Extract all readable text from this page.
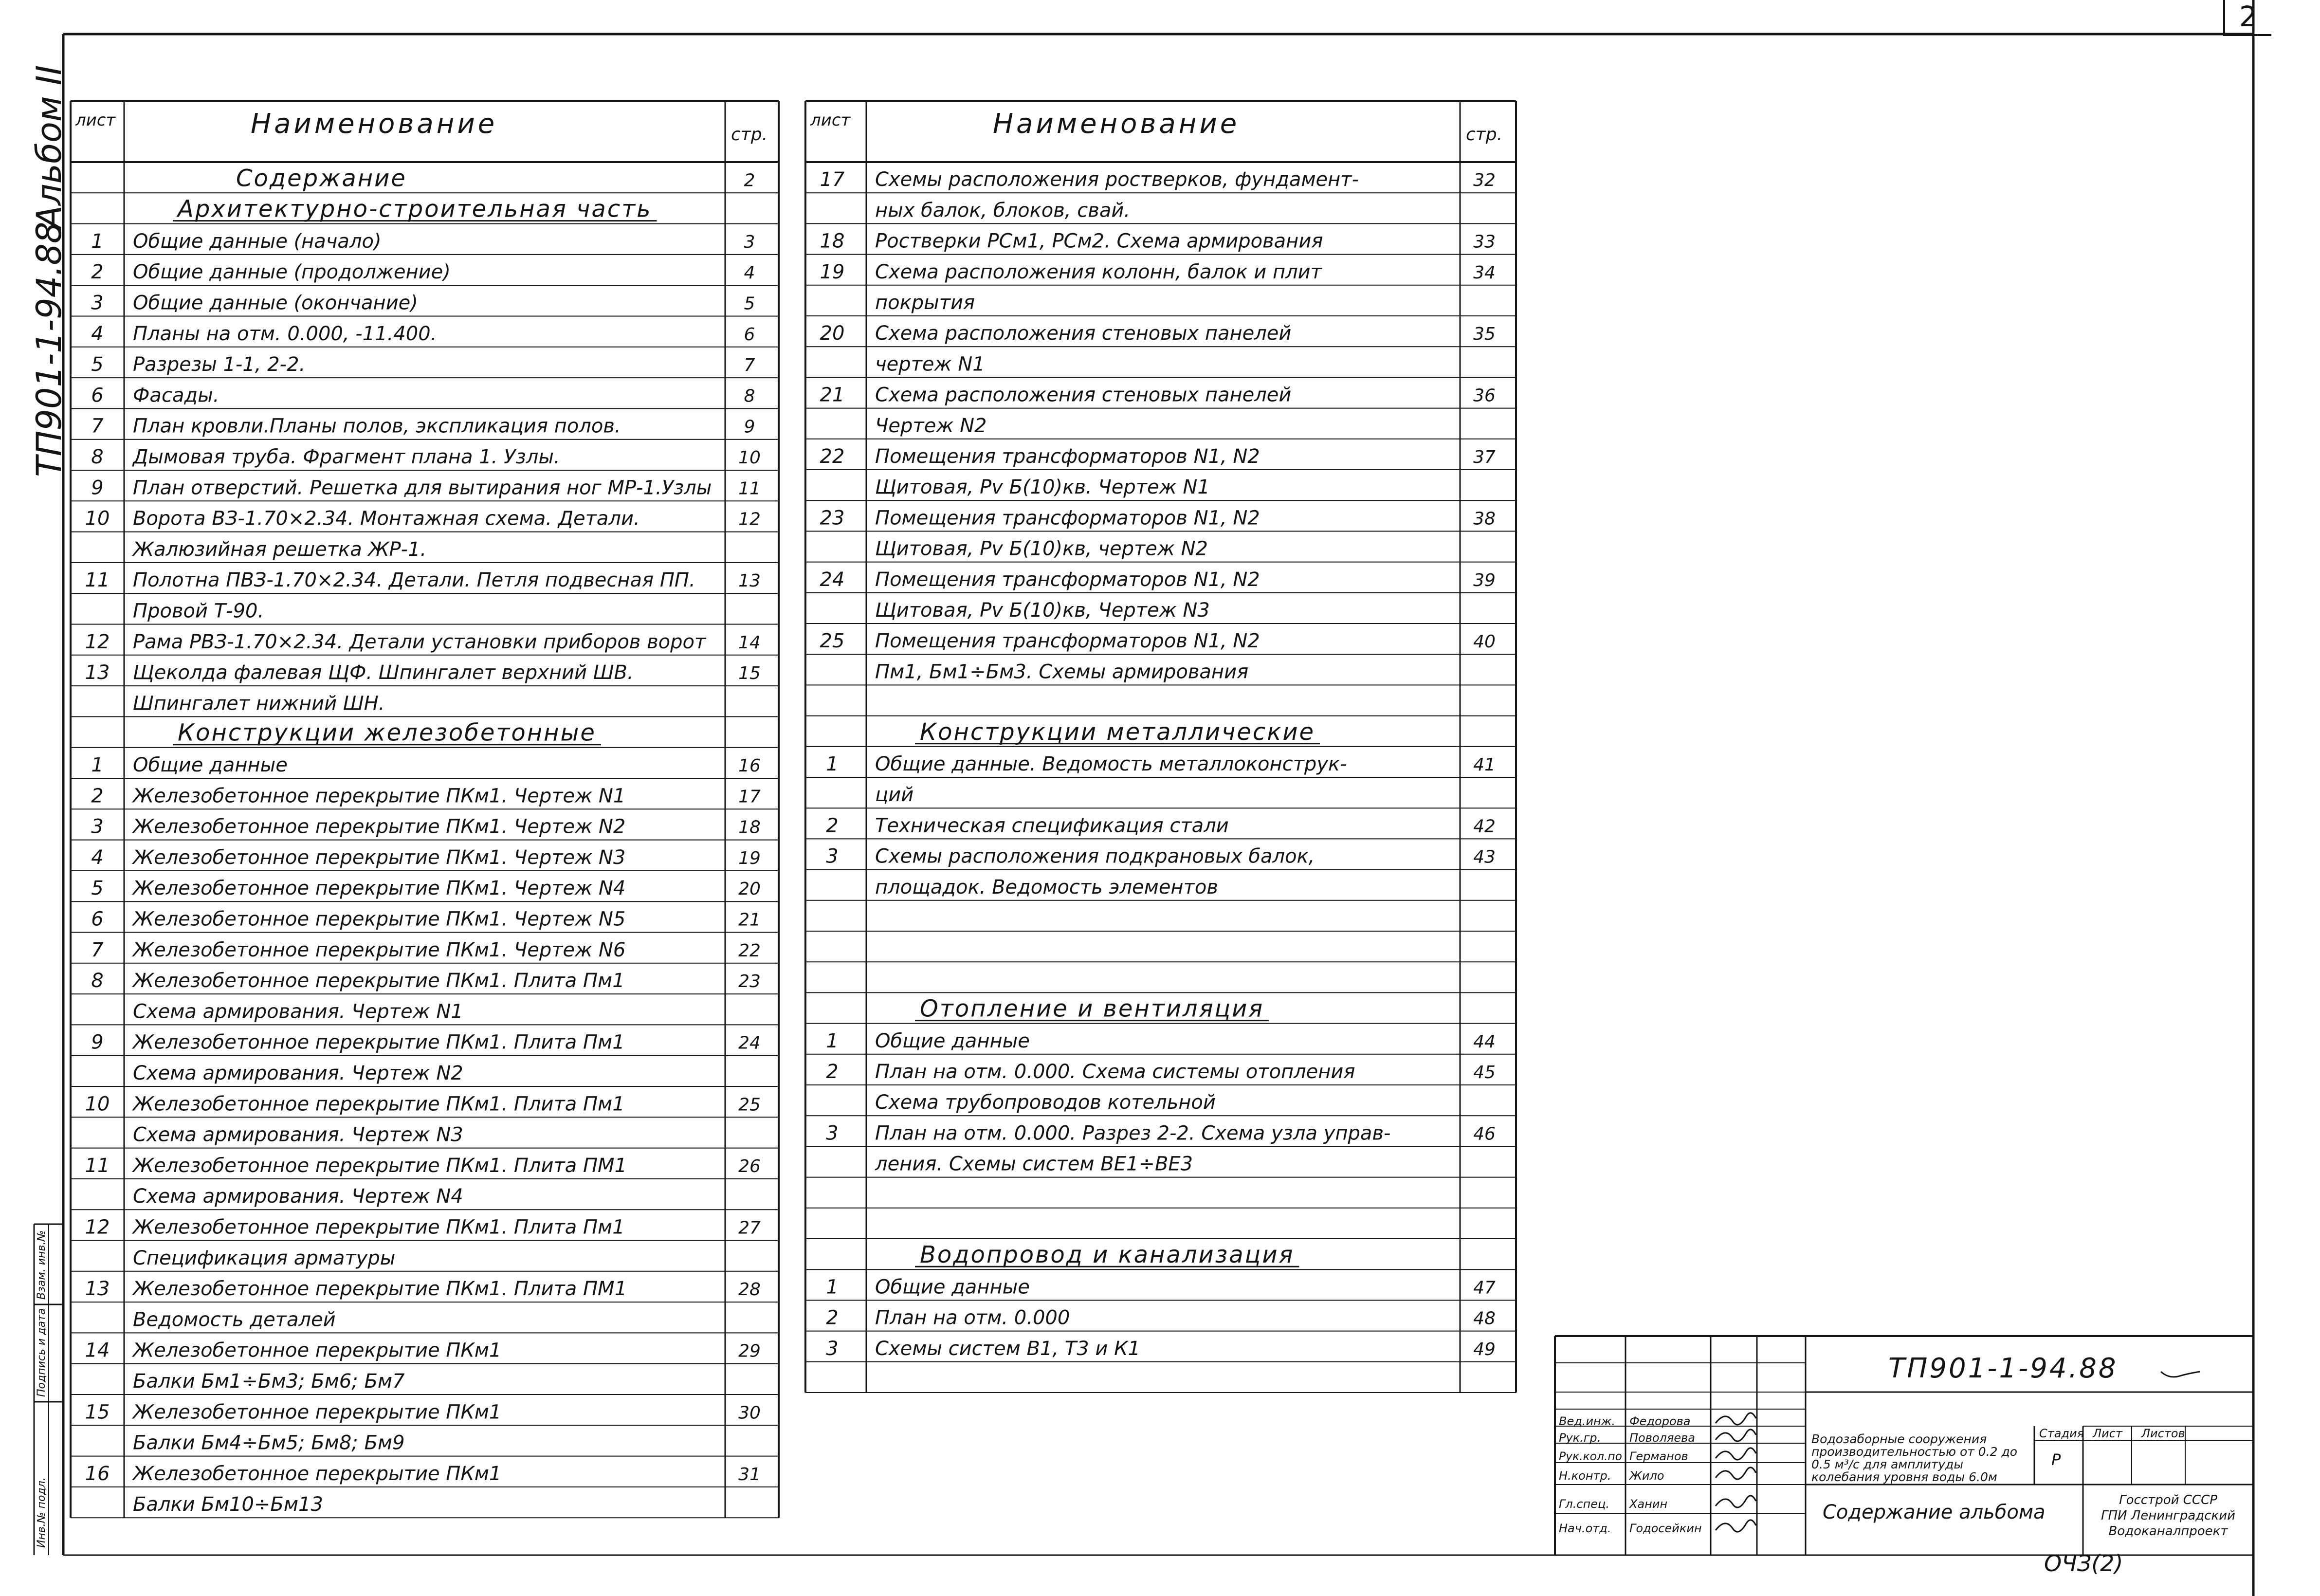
2
Альбом II
ТП901-1-94.88
Взам. инв.№
Подпись и дата
Инв.№ подл.
лист	Наименование	стр.
Содержание	2
Архитектурно-строительная часть
1 Общие данные (начало)	3
2 Общие данные (продолжение)	4
3 Общие данные (окончание)	5
4 Планы на отм. 0.000, -11.400.	6
5 Разрезы 1-1, 2-2.	7
6 Фасады.	8
7 План кровли.Планы полов, экспликация полов.	9
8 Дымовая труба. Фрагмент плана 1. Узлы.	10
9 План отверстий. Решетка для вытирания ног МР-1.Узлы 11
10 Ворота ВЗ-1.70×2.34. Монтажная схема. Детали.	12
Жалюзийная решетка ЖР-1.
11 Полотна ПВЗ-1.70×2.34. Детали. Петля подвесная ПП. 13
Провой Т-90.
12 Рама РВЗ-1.70×2.34. Детали установки приборов ворот 14
13 Щеколда фалевая ЩФ. Шпингалет верхний ШВ.	15
Шпингалет нижний ШН.
Конструкции железобетонные
1 Общие данные	16
2 Железобетонное перекрытие ПКм1. Чертеж N1	17
3 Железобетонное перекрытие ПКм1. Чертеж N2	18
4 Железобетонное перекрытие ПКм1. Чертеж N3	19
5 Железобетонное перекрытие ПКм1. Чертеж N4	20
6 Железобетонное перекрытие ПКм1. Чертеж N5	21
7 Железобетонное перекрытие ПКм1. Чертеж N6	22
8 Железобетонное перекрытие ПКм1. Плита Пм1	23
Схема армирования. Чертеж N1
9 Железобетонное перекрытие ПКм1. Плита Пм1	24
Схема армирования. Чертеж N2
10 Железобетонное перекрытие ПКм1. Плита Пм1	25
Схема армирования. Чертеж N3
11 Железобетонное перекрытие ПКм1. Плита ПМ1	26
Схема армирования. Чертеж N4
12 Железобетонное перекрытие ПКм1. Плита Пм1	27
Спецификация арматуры
13 Железобетонное перекрытие ПКм1. Плита ПМ1	28
Ведомость деталей
14 Железобетонное перекрытие ПКм1	29
Балки Бм1÷Бм3; Бм6; Бм7
15 Железобетонное перекрытие ПКм1	30
Балки Бм4÷Бм5; Бм8; Бм9
16 Железобетонное перекрытие ПКм1	31
Балки Бм10÷Бм13
лист	Наименование	стр.
17 Схемы расположения ростверков, фундамент-	32
ных балок, блоков, свай.
18 Ростверки РСм1, РСм2. Схема армирования	33
19 Схема расположения колонн, балок и плит	34
покрытия
20 Схема расположения стеновых панелей	35
чертеж N1
21 Схема расположения стеновых панелей	36
Чертеж N2
22 Помещения трансформаторов N1, N2	37
Щитовая, Рv Б(10)кв. Чертеж N1
23 Помещения трансформаторов N1, N2	38
Щитовая, Рv Б(10)кв, чертеж N2
24 Помещения трансформаторов N1, N2	39
Щитовая, Рv Б(10)кв, Чертеж N3
25 Помещения трансформаторов N1, N2	40
Пм1, Бм1÷Бм3. Схемы армирования
Конструкции металлические
1 Общие данные. Ведомость металлоконструк-	41
ций
2 Техническая спецификация стали	42
3 Схемы расположения подкрановых балок,	43
площадок. Ведомость элементов
Отопление и вентиляция
1 Общие данные	44
2 План на отм. 0.000. Схема системы отопления	45
Схема трубопроводов котельной
3 План на отм. 0.000. Разрез 2-2. Схема узла управ-	46
ления. Схемы систем ВЕ1÷ВЕ3
Водопровод и канализация
1 Общие данные	47
2 План на отм. 0.000	48
3 Схемы систем В1, Т3 и К1	49
ТП901-1-94.88
Вед.инж. Федорова
Рук.гр. Поволяева
Рук.кол.по Германов
Н.контр. Жило
Гл.спец. Ханин
Нач.отд. Годосейкин
Водозаборные сооружения производительностью от 0.2 до 0.5 м³/с для амплитуды колебания уровня воды 6.0м
Стадия Лист Листов
Р
Содержание альбома
Госстрой СССР ГПИ Ленинградский Водоканалпроект
ОЧЗ(2)
